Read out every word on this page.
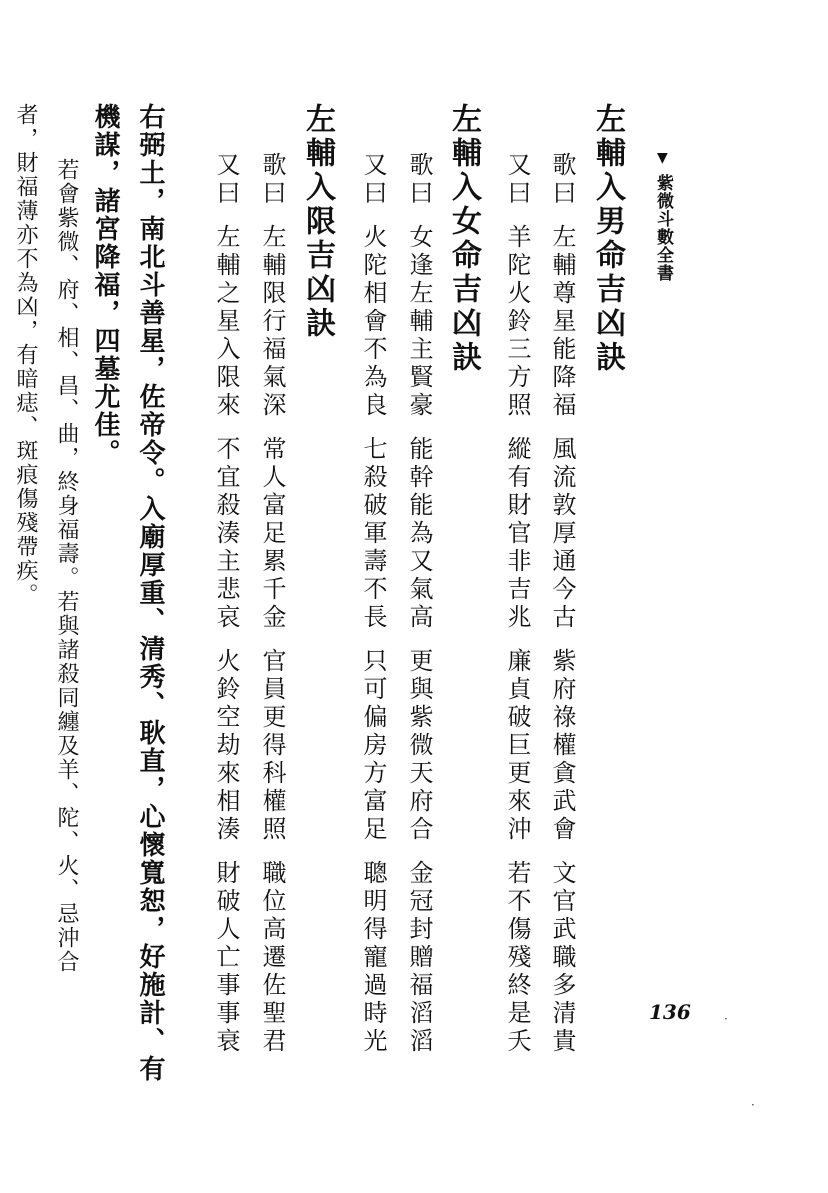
▼
紫微斗數全書
左輔入男命吉凶訣
歌曰左輔尊星能降福風流敦厚通今古紫府祿權貪武會文官武職多清貴
又曰羊陀火鈴三方照縱有財官非吉兆廉貞破巨更來沖若不傷殘終是夭
左輔入女命吉凶訣
歌曰女逢左輔主賢豪能幹能為又氣高更與紫微天府合金冠封贈福滔滔
又曰火陀相會不為良七殺破軍壽不長只可偏房方富足聰明得寵過時光
左輔入限吉凶訣
歌曰左輔限行福氣深常人富足累千金官員更得科權照職位高遷佐聖君
又曰左輔之星入限來不宜殺湊主悲哀火鈴空劫來相湊財破人亡事事衰
右弼土，南北斗善星，佐帝令。入廟厚重、清秀、耿直，心懷寬恕，好施計、有
機謀，諸宮降福，四墓尤佳。
若會紫微、府、相、昌、曲，終身福壽。若與諸殺同纏及羊、陀、火、忌沖合
者，財福薄亦不為凶，有暗痣、斑痕傷殘帶疾。
136	·
·
